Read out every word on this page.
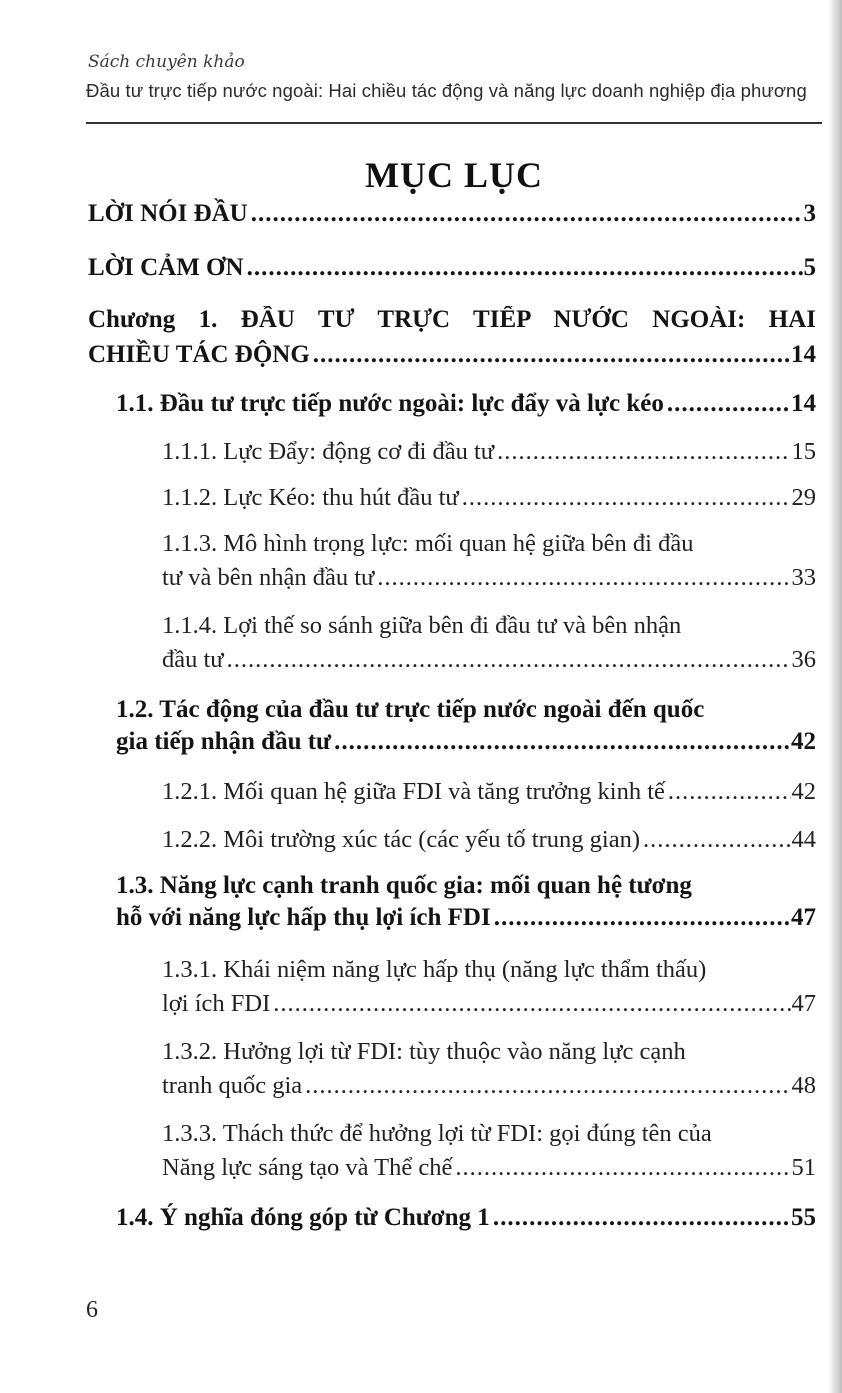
Sách chuyên khảo
Đầu tư trực tiếp nước ngoài: Hai chiều tác động và năng lực doanh nghiệp địa phương
MỤC LỤC
LỜI NÓI ĐẦU .....	3
LỜI CẢM ƠN .....	5
Chương 1. ĐẦU TƯ TRỰC TIẾP NƯỚC NGOÀI: HAI
CHIỀU TÁC ĐỘNG .....	14
1.1. Đầu tư trực tiếp nước ngoài: lực đẩy và lực kéo .....	14
1.1.1. Lực Đẩy: động cơ đi đầu tư .....	15
1.1.2. Lực Kéo: thu hút đầu tư .....	29
1.1.3. Mô hình trọng lực: mối quan hệ giữa bên đi đầu
tư và bên nhận đầu tư .....	33
1.1.4. Lợi thế so sánh giữa bên đi đầu tư và bên nhận
đầu tư .....	36
1.2. Tác động của đầu tư trực tiếp nước ngoài đến quốc
gia tiếp nhận đầu tư .....	42
1.2.1. Mối quan hệ giữa FDI và tăng trưởng kinh tế .....	42
1.2.2. Môi trường xúc tác (các yếu tố trung gian) .....	44
1.3. Năng lực cạnh tranh quốc gia: mối quan hệ tương
hỗ với năng lực hấp thụ lợi ích FDI .....	47
1.3.1. Khái niệm năng lực hấp thụ (năng lực thẩm thấu)
lợi ích FDI .....	47
1.3.2. Hưởng lợi từ FDI: tùy thuộc vào năng lực cạnh
tranh quốc gia .....	48
1.3.3. Thách thức để hưởng lợi từ FDI: gọi đúng tên của
Năng lực sáng tạo và Thể chế .....	51
1.4. Ý nghĩa đóng góp từ Chương 1 .....	55
6
